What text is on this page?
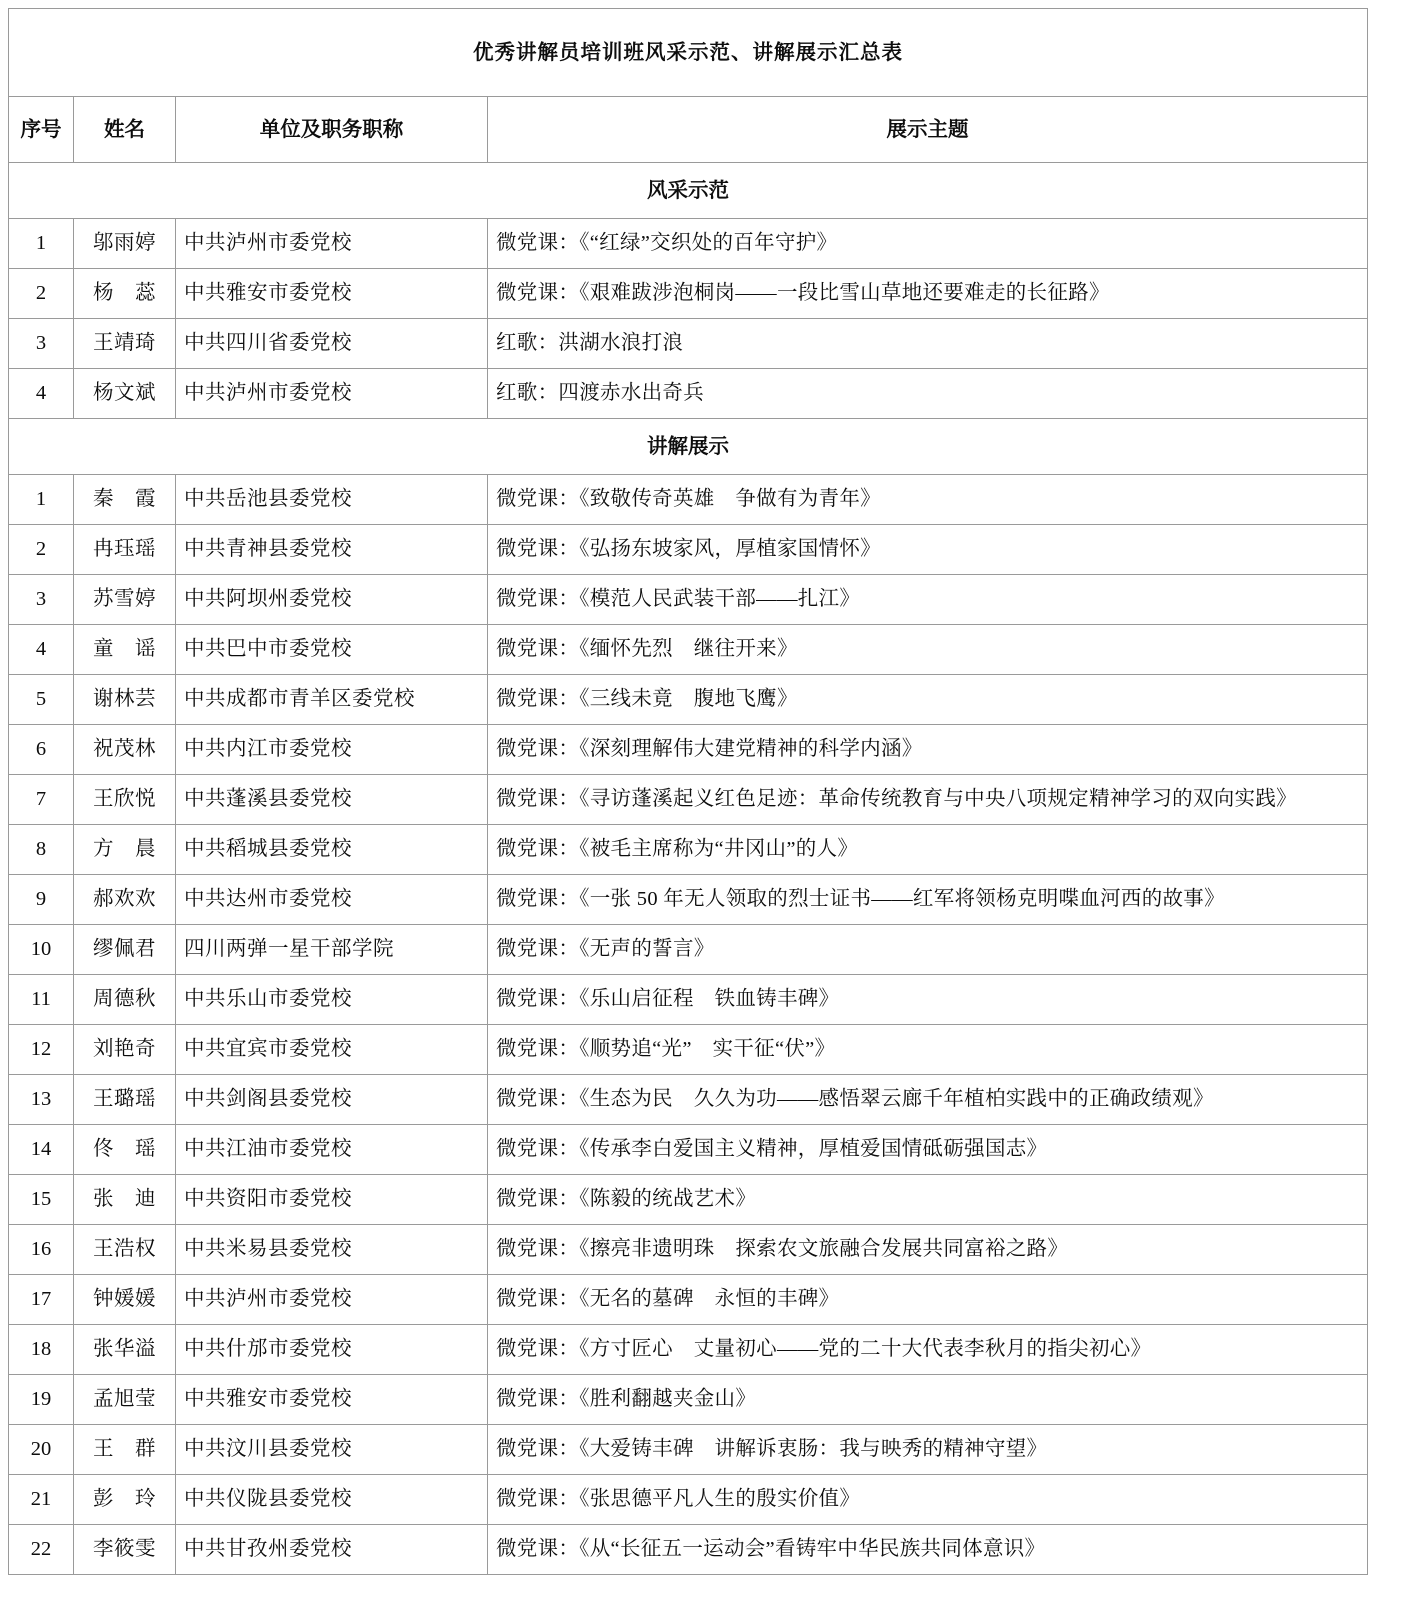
优秀讲解员培训班风采示范、讲解展示汇总表			
序号	姓名	单位及职务职称	展示主题
风采示范			
1	邬雨婷	中共泸州市委党校	微党课：《“红绿”交织处的百年守护》
2	杨　蕊	中共雅安市委党校	微党课：《艰难跋涉泡桐岗——一段比雪山草地还要难走的长征路》
3	王靖琦	中共四川省委党校	红歌：洪湖水浪打浪
4	杨文斌	中共泸州市委党校	红歌：四渡赤水出奇兵
讲解展示			
1	秦　霞	中共岳池县委党校	微党课：《致敬传奇英雄　争做有为青年》
2	冉珏瑶	中共青神县委党校	微党课：《弘扬东坡家风，厚植家国情怀》
3	苏雪婷	中共阿坝州委党校	微党课：《模范人民武装干部——扎江》
4	童　谣	中共巴中市委党校	微党课：《缅怀先烈　继往开来》
5	谢林芸	中共成都市青羊区委党校	微党课：《三线未竟　腹地飞鹰》
6	祝茂林	中共内江市委党校	微党课：《深刻理解伟大建党精神的科学内涵》
7	王欣悦	中共蓬溪县委党校	微党课：《寻访蓬溪起义红色足迹：革命传统教育与中央八项规定精神学习的双向实践》
8	方　晨	中共稻城县委党校	微党课：《被毛主席称为“井冈山”的人》
9	郝欢欢	中共达州市委党校	微党课：《一张 50 年无人领取的烈士证书——红军将领杨克明喋血河西的故事》
10	缪佩君	四川两弹一星干部学院	微党课：《无声的誓言》
11	周德秋	中共乐山市委党校	微党课：《乐山启征程　铁血铸丰碑》
12	刘艳奇	中共宜宾市委党校	微党课：《顺势追“光”　实干征“伏”》
13	王璐瑶	中共剑阁县委党校	微党课：《生态为民　久久为功——感悟翠云廊千年植柏实践中的正确政绩观》
14	佟　瑶	中共江油市委党校	微党课：《传承李白爱国主义精神，厚植爱国情砥砺强国志》
15	张　迪	中共资阳市委党校	微党课：《陈毅的统战艺术》
16	王浩权	中共米易县委党校	微党课：《擦亮非遗明珠　探索农文旅融合发展共同富裕之路》
17	钟媛媛	中共泸州市委党校	微党课：《无名的墓碑　永恒的丰碑》
18	张华溢	中共什邡市委党校	微党课：《方寸匠心　丈量初心——党的二十大代表李秋月的指尖初心》
19	孟旭莹	中共雅安市委党校	微党课：《胜利翻越夹金山》
20	王　群	中共汶川县委党校	微党课：《大爱铸丰碑　讲解诉衷肠：我与映秀的精神守望》
21	彭　玲	中共仪陇县委党校	微党课：《张思德平凡人生的殷实价值》
22	李筱雯	中共甘孜州委党校	微党课：《从“长征五一运动会”看铸牢中华民族共同体意识》
